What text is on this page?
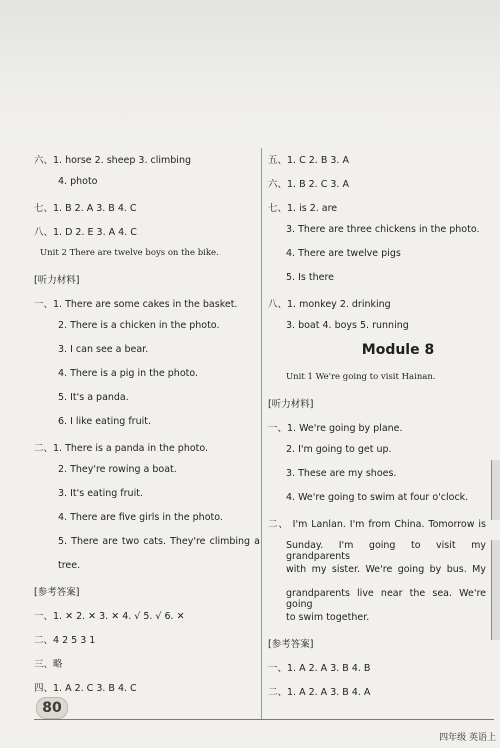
六、1. horse 2. sheep 3. climbing
4. photo
七、1. B 2. A 3. B 4. C
八、1. D 2. E 3. A 4. C
Unit 2 There are twelve boys on the bike.
[听力材料]
一、1. There are some cakes in the basket.
2. There is a chicken in the photo.
3. I can see a bear.
4. There is a pig in the photo.
5. It's a panda.
6. I like eating fruit.
二、1. There is a panda in the photo.
2. They're rowing a boat.
3. It's eating fruit.
4. There are five girls in the photo.
5. There are two cats. They're climbing a
tree.
[参考答案]
一、1. ✕ 2. ✕ 3. ✕ 4. √ 5. √ 6. ✕
二、4 2 5 3 1
三、略
四、1. A 2. C 3. B 4. C
五、1. C 2. B 3. A
六、1. B 2. C 3. A
七、1. is 2. are
3. There are three chickens in the photo.
4. There are twelve pigs
5. Is there
八、1. monkey 2. drinking
3. boat 4. boys 5. running
Module 8
Unit 1 We're going to visit Hainan.
[听力材料]
一、1. We're going by plane.
2. I'm going to get up.
3. These are my shoes.
4. We're going to swim at four o'clock.
二、 I'm Lanlan. I'm from China. Tomorrow is
Sunday. I'm going to visit my grandparents
with my sister. We're going by bus. My
grandparents live near the sea. We're going
to swim together.
[参考答案]
一、1. A 2. A 3. B 4. B
二、1. A 2. A 3. B 4. A
80
四年级 英语上
